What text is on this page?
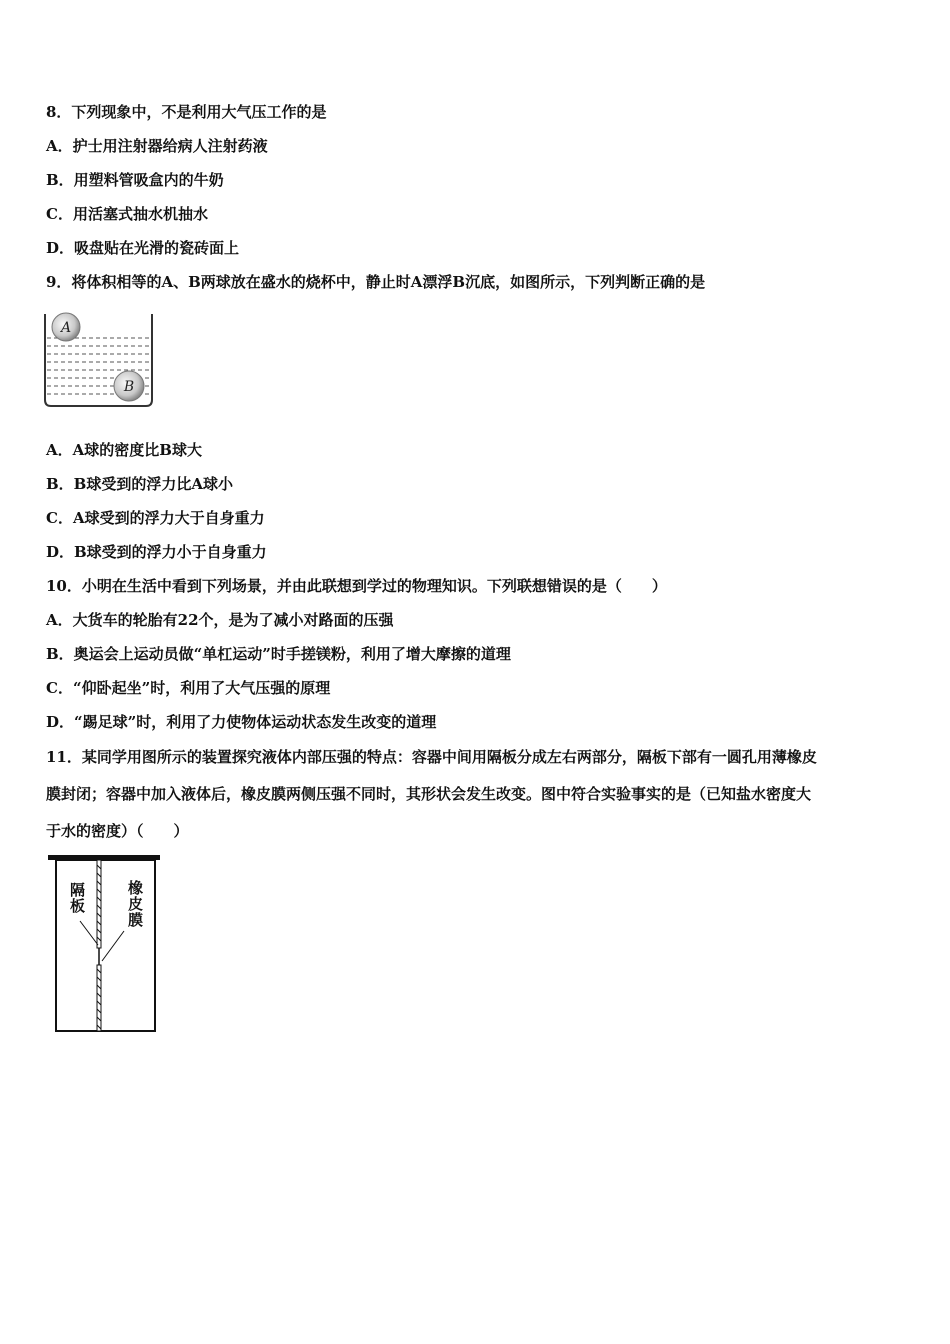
8．下列现象中，不是利用大气压工作的是
A．护士用注射器给病人注射药液
B．用塑料管吸盒内的牛奶
C．用活塞式抽水机抽水
D．吸盘贴在光滑的瓷砖面上
9．将体积相等的A、B两球放在盛水的烧杯中，静止时A漂浮B沉底，如图所示，下列判断正确的是
A
B
A．A球的密度比B球大
B．B球受到的浮力比A球小
C．A球受到的浮力大于自身重力
D．B球受到的浮力小于自身重力
10．小明在生活中看到下列场景，并由此联想到学过的物理知识。下列联想错误的是（　　）
A．大货车的轮胎有22个，是为了减小对路面的压强
B．奥运会上运动员做“单杠运动”时手搓镁粉，利用了增大摩擦的道理
C．“仰卧起坐”时，利用了大气压强的原理
D．“踢足球”时，利用了力使物体运动状态发生改变的道理
11．某同学用图所示的装置探究液体内部压强的特点：容器中间用隔板分成左右两部分，隔板下部有一圆孔用薄橡皮
膜封闭；容器中加入液体后，橡皮膜两侧压强不同时，其形状会发生改变。图中符合实验事实的是（已知盐水密度大
于水的密度）（　　）
隔板	橡皮膜
